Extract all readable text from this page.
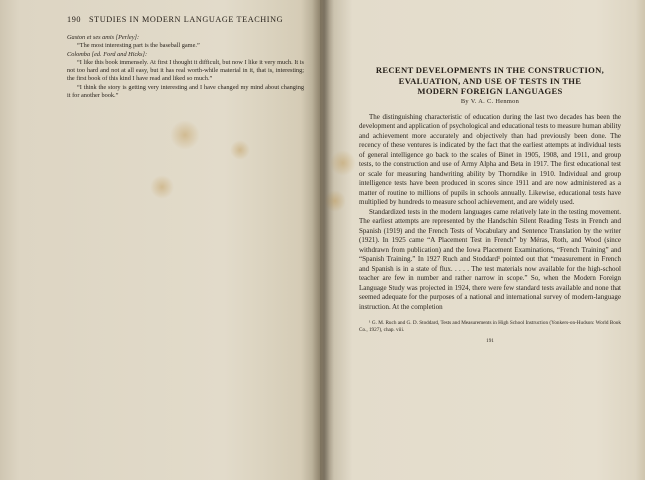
190 STUDIES IN MODERN LANGUAGE TEACHING

Gaston et ses amis [Perley]:

“The most interesting part is the baseball game.”

Colomba [ed. Ford and Hicks]:

“I like this book immensely. At first I thought it difficult, but now I like it very much. It is not too hard and not at all easy, but it has real worth-while material in it, that is, interesting; the first book of this kind I have read and liked so much.”

“I think the story is getting very interesting and I have changed my mind about changing it for another book.”

RECENT DEVELOPMENTS IN THE CONSTRUCTION,
EVALUATION, AND USE OF TESTS IN THE
MODERN FOREIGN LANGUAGES

By V. A. C. Henmon

The distinguishing characteristic of education during the last two decades has been the development and application of psychological and educational tests to measure human ability and achievement more accurately and objectively than had previously been done. The recency of these ventures is indicated by the fact that the earliest attempts at individual tests of general intelligence go back to the scales of Binet in 1905, 1908, and 1911, and group tests, to the construction and use of Army Alpha and Beta in 1917. The first educational test or scale for measuring handwriting ability by Thorndike in 1910. Individual and group intelligence tests have been produced in scores since 1911 and are now administered as a matter of routine to millions of pupils in schools annually. Likewise, educational tests have multiplied by hundreds to measure school achievement, and are widely used.

Standardized tests in the modern languages came relatively late in the testing movement. The earliest attempts are represented by the Handschin Silent Reading Tests in French and Spanish (1919) and the French Tests of Vocabulary and Sentence Translation by the writer (1921). In 1925 came “A Placement Test in French” by Méras, Roth, and Wood (since withdrawn from publication) and the Iowa Placement Examinations, “French Training” and “Spanish Training.” In 1927 Ruch and Stoddard¹ pointed out that “measurement in French and Spanish is in a state of flux. . . . . The test materials now available for the high-school teacher are few in number and rather narrow in scope.” So, when the Modern Foreign Language Study was projected in 1924, there were few standard tests available and none that seemed adequate for the purposes of a national and international survey of modern-language instruction. At the completion

¹ G. M. Ruch and G. D. Stoddard, Tests and Measurements in High School Instruction (Yonkers-on-Hudson: World Book Co., 1927), chap. viii.

191
